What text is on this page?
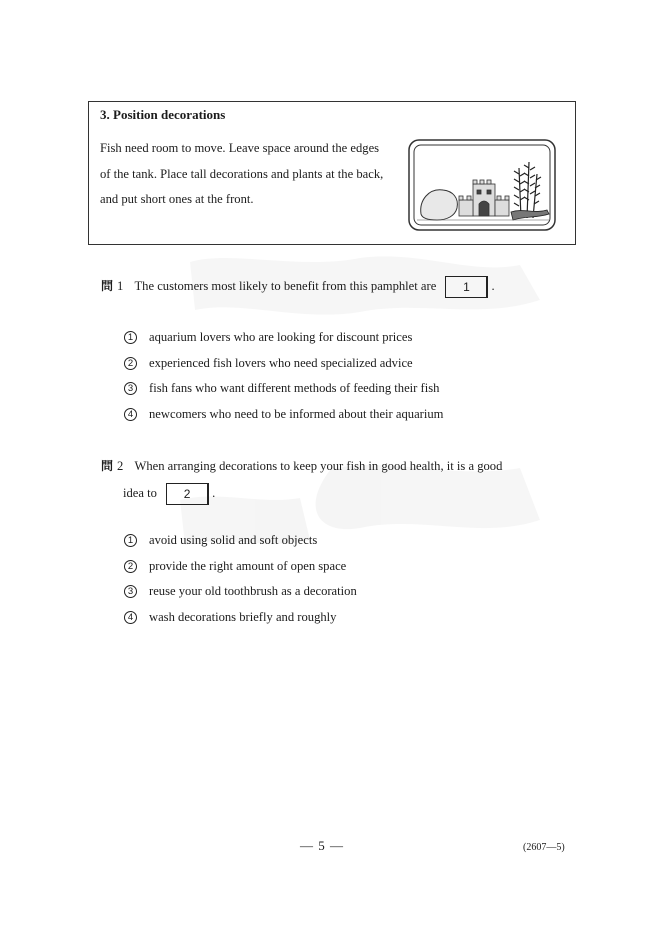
3. Position decorations

Fish need room to move. Leave space around the edges of the tank. Place tall decorations and plants at the back, and put short ones at the front.

問 1 The customers most likely to benefit from this pamphlet are 1 .
1	aquarium lovers who are looking for discount prices
2	experienced fish lovers who need specialized advice
3	fish fans who want different methods of feeding their fish
4	newcomers who need to be informed about their aquarium
問 2 When arranging decorations to keep your fish in good health, it is a good
idea to 2 .
1	avoid using solid and soft objects
2	provide the right amount of open space
3	reuse your old toothbrush as a decoration
4	wash decorations briefly and roughly
— 5 —	(2607—5)
